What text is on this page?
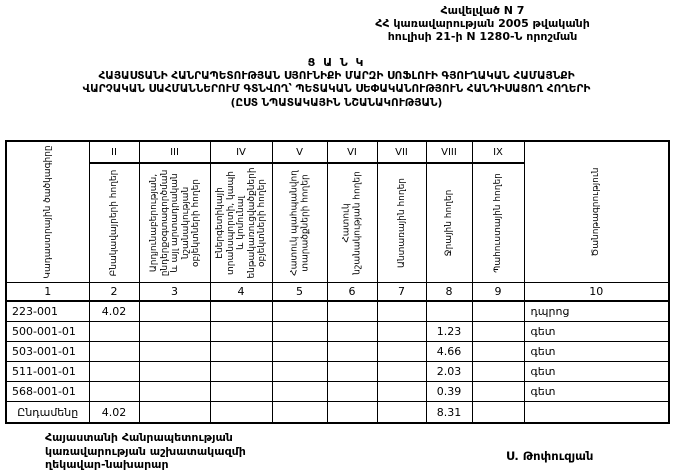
Հավելված N 7
ՀՀ կառավարության 2005 թվականի
հուլիսի 21-ի N 1280-Ն որոշման
Ց Ա Ն Կ
ՀԱՅԱՍՏԱՆԻ ՀԱՆՐԱՊԵՏՈՒԹՅԱՆ ՍՅՈՒՆԻՔԻ ՄԱՐԶԻ ՍՈՖԼՈՒԻ ԳՅՈՒՂԱԿԱՆ ՀԱՄԱՅՆՔԻ
ՎԱՐՉԱԿԱՆ ՍԱՀՄԱՆՆԵՐՈՒՄ ԳՏՆՎՈՂ՝ ՊԵՏԱԿԱՆ ՍԵՓԱԿԱՆՈՒԹՅՈՒՆ ՀԱՆԴԻՍԱՑՈՂ ՀՈՂԵՐԻ
(ԸՍՏ ՆՊԱՏԱԿԱՅԻՆ ՆՇԱՆԱԿՈՒԹՅԱՆ)
Կադաստրային ծածկագիրը	II	III	IV	V	VI	VII	VIII	IX	Ծանոթագրություն

	Բնակավայրերի հողեր	Արդյունաբերության, ընդերքօգտագործման և այլ արտադրական նշանակության օբյեկտների հողեր	Էներգետիկայի տրանսպորտի, կապի և կոմունալ ենթակառուցվածքների օբյեկտների հողեր	Հատուկ պահպանվող տարածքների հողեր	Հատուկ նշանակության հողեր	Անտառային հողեր	Ջրային հողեր	Պահուստային հողեր	

1	2	3	4	5	6	7	8	9	10
223-001	4.02								դպրոց
500-001-01							1.23		գետ
503-001-01							4.66		գետ
511-001-01							2.03		գետ
568-001-01							0.39		գետ
Ընդամենը	4.02						8.31		
Հայաստանի Հանրապետության
կառավարության աշխատակազմի
ղեկավար-նախարար
Ս. Թոփուզյան
